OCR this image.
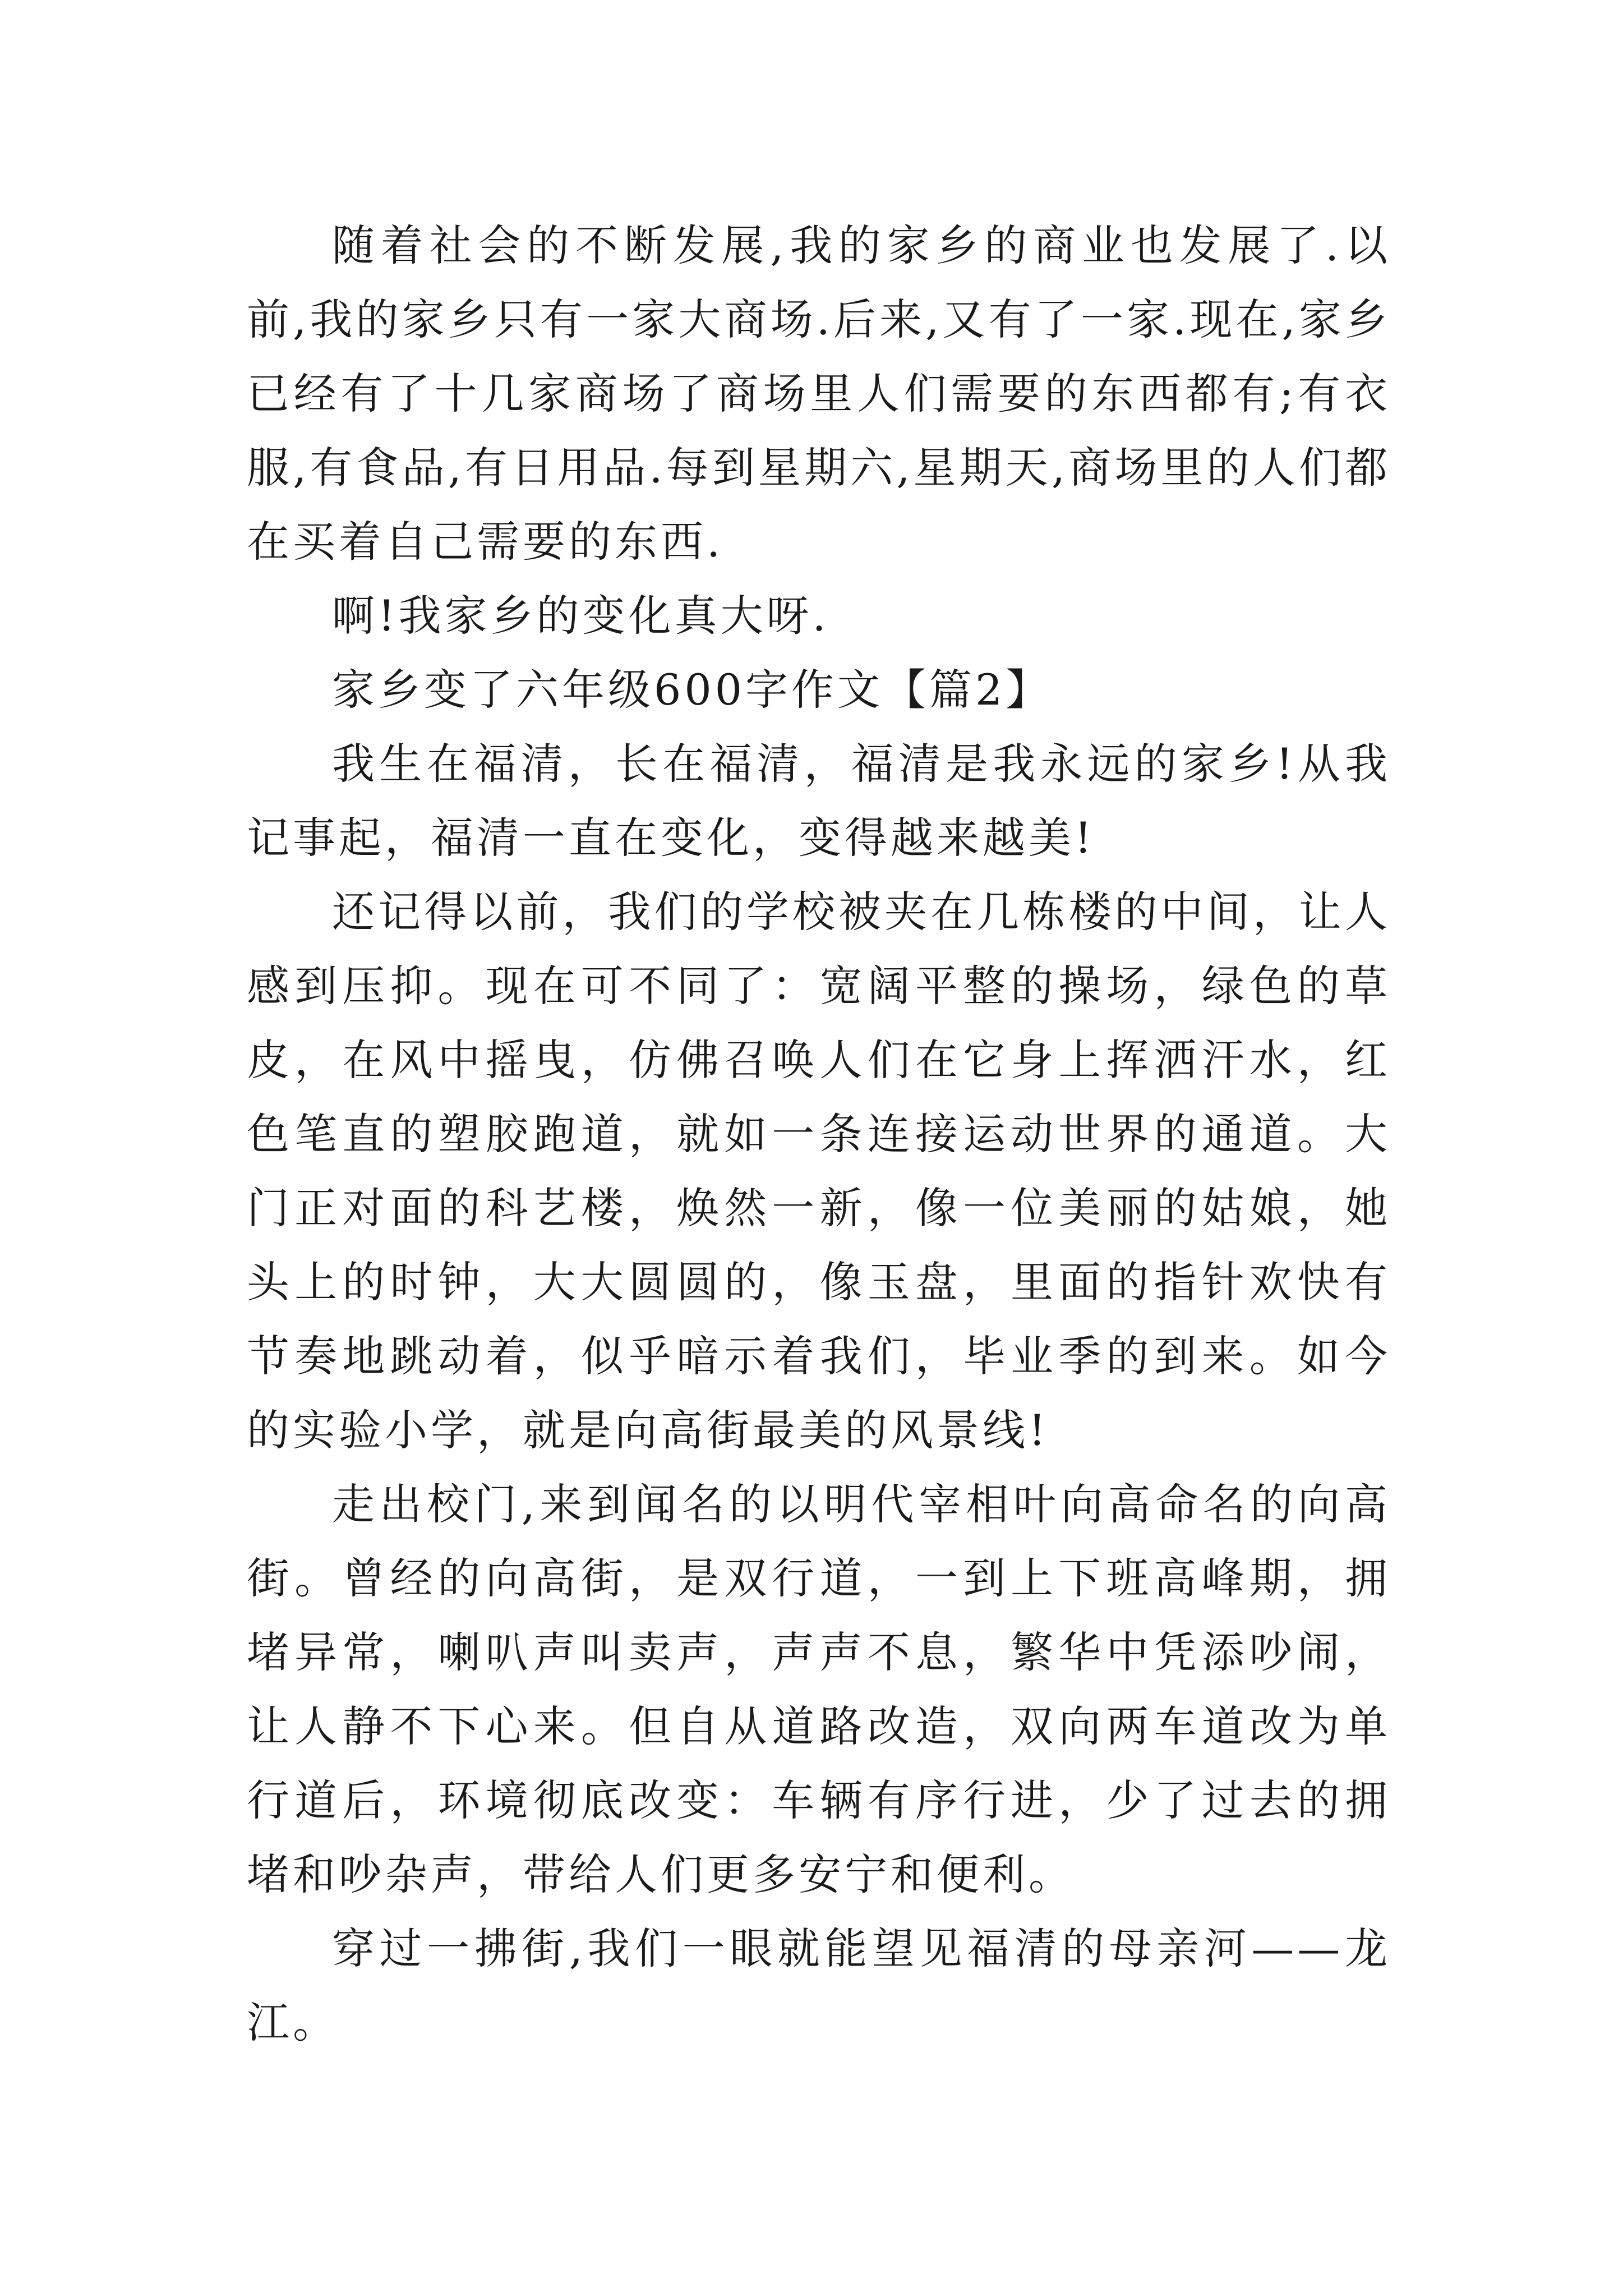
随着社会的不断发展,我的家乡的商业也发展了.以前,我的家乡只有一家大商场.后来,又有了一家.现在,家乡已经有了十几家商场了商场里人们需要的东西都有;有衣服,有食品,有日用品.每到星期六,星期天,商场里的人们都在买着自己需要的东西.

啊!我家乡的变化真大呀.

家乡变了六年级600字作文【篇2】

我生在福清，长在福清，福清是我永远的家乡!从我记事起，福清一直在变化，变得越来越美!

还记得以前，我们的学校被夹在几栋楼的中间，让人感到压抑。现在可不同了：宽阔平整的操场，绿色的草皮，在风中摇曳，仿佛召唤人们在它身上挥洒汗水，红色笔直的塑胶跑道，就如一条连接运动世界的通道。大门正对面的科艺楼，焕然一新，像一位美丽的姑娘，她头上的时钟，大大圆圆的，像玉盘，里面的指针欢快有节奏地跳动着，似乎暗示着我们，毕业季的到来。如今的实验小学，就是向高街最美的风景线!

走出校门,来到闻名的以明代宰相叶向高命名的向高街。曾经的向高街，是双行道，一到上下班高峰期，拥堵异常，喇叭声叫卖声，声声不息，繁华中凭添吵闹，让人静不下心来。但自从道路改造，双向两车道改为单行道后，环境彻底改变：车辆有序行进，少了过去的拥堵和吵杂声，带给人们更多安宁和便利。

穿过一拂街,我们一眼就能望见福清的母亲河——龙江。
